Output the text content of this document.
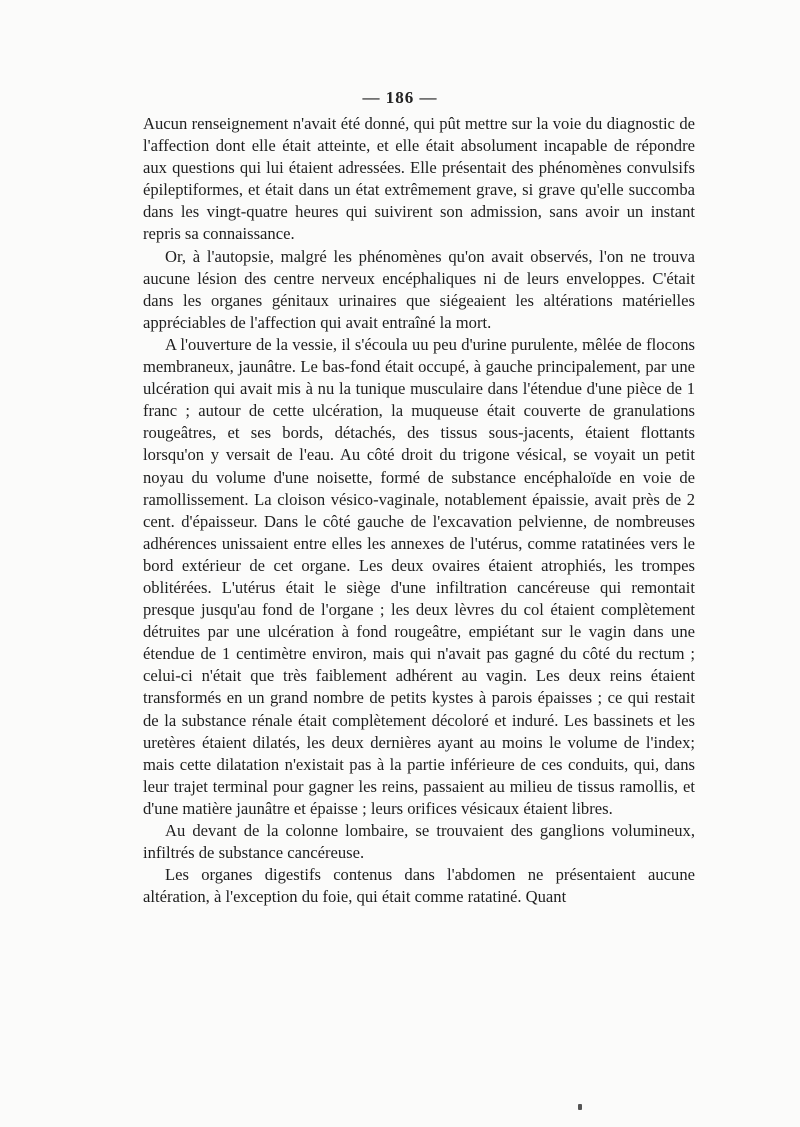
— 186 —

Aucun renseignement n'avait été donné, qui pût mettre sur la voie du diagnostic de l'affection dont elle était atteinte, et elle était absolument incapable de répondre aux questions qui lui étaient adressées. Elle présentait des phénomènes convulsifs épileptiformes, et était dans un état extrêmement grave, si grave qu'elle succomba dans les vingt-quatre heures qui suivirent son admission, sans avoir un instant repris sa connaissance.

Or, à l'autopsie, malgré les phénomènes qu'on avait observés, l'on ne trouva aucune lésion des centre nerveux encéphaliques ni de leurs enveloppes. C'était dans les organes génitaux urinaires que siégeaient les altérations matérielles appréciables de l'affection qui avait entraîné la mort.

A l'ouverture de la vessie, il s'écoula uu peu d'urine purulente, mêlée de flocons membraneux, jaunâtre. Le bas-fond était occupé, à gauche principalement, par une ulcération qui avait mis à nu la tunique musculaire dans l'étendue d'une pièce de 1 franc ; autour de cette ulcération, la muqueuse était couverte de granulations rougeâtres, et ses bords, détachés, des tissus sous-jacents, étaient flottants lorsqu'on y versait de l'eau. Au côté droit du trigone vésical, se voyait un petit noyau du volume d'une noisette, formé de substance encéphaloïde en voie de ramollissement. La cloison vésico-vaginale, notablement épaissie, avait près de 2 cent. d'épaisseur. Dans le côté gauche de l'excavation pelvienne, de nombreuses adhérences unissaient entre elles les annexes de l'utérus, comme ratatinées vers le bord extérieur de cet organe. Les deux ovaires étaient atrophiés, les trompes oblitérées. L'utérus était le siège d'une infiltration cancéreuse qui remontait presque jusqu'au fond de l'organe ; les deux lèvres du col étaient complètement détruites par une ulcération à fond rougeâtre, empiétant sur le vagin dans une étendue de 1 centimètre environ, mais qui n'avait pas gagné du côté du rectum ; celui-ci n'était que très faiblement adhérent au vagin. Les deux reins étaient transformés en un grand nombre de petits kystes à parois épaisses ; ce qui restait de la substance rénale était complètement décoloré et induré. Les bassinets et les uretères étaient dilatés, les deux dernières ayant au moins le volume de l'index; mais cette dilatation n'existait pas à la partie inférieure de ces conduits, qui, dans leur trajet terminal pour gagner les reins, passaient au milieu de tissus ramollis, et d'une matière jaunâtre et épaisse ; leurs orifices vésicaux étaient libres.

Au devant de la colonne lombaire, se trouvaient des ganglions volumineux, infiltrés de substance cancéreuse.

Les organes digestifs contenus dans l'abdomen ne présentaient aucune altération, à l'exception du foie, qui était comme ratatiné. Quant
